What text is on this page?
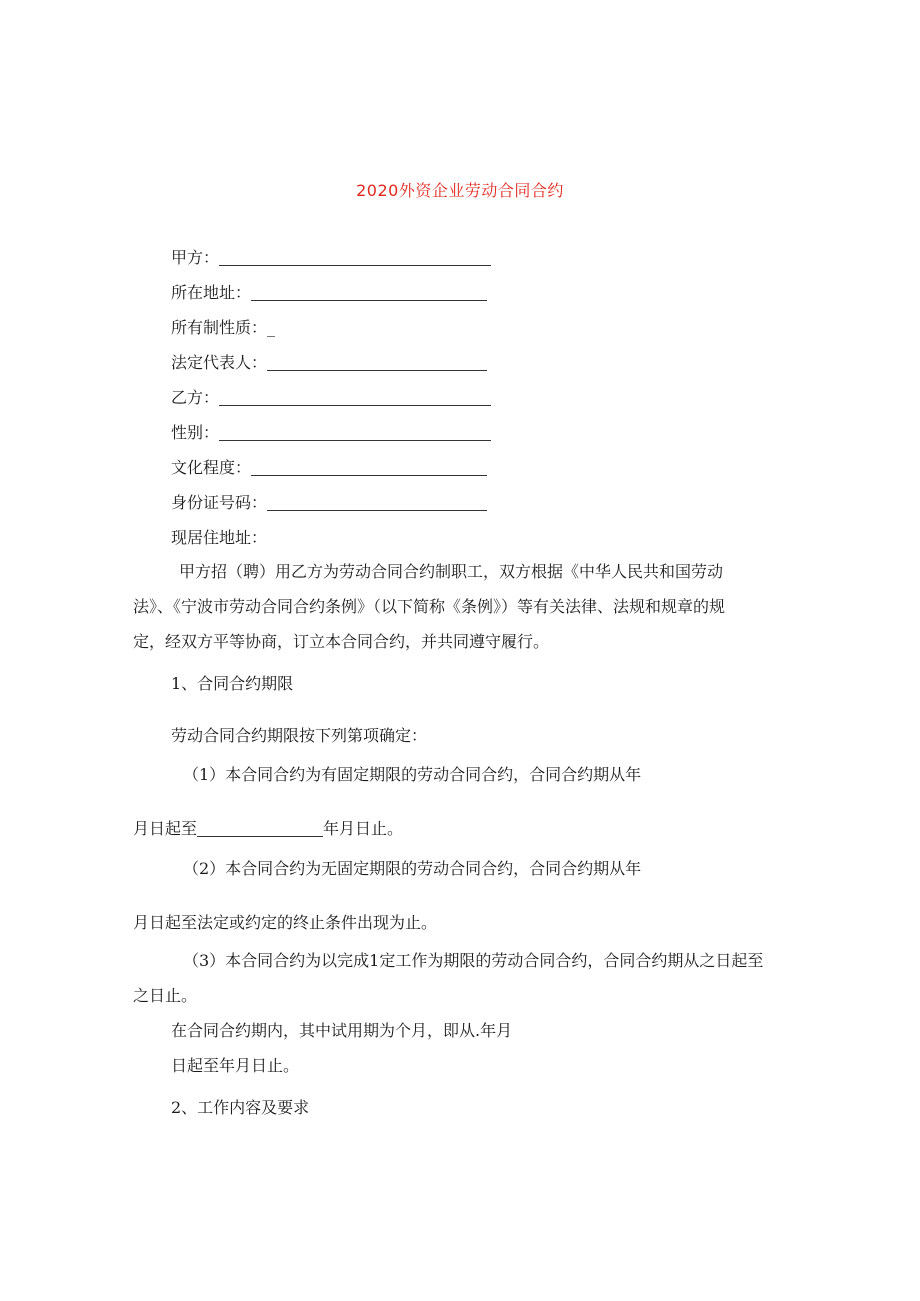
2020外资企业劳动合同合约
甲方：
所在地址：
所有制性质：_
法定代表人：
乙方：
性别：
文化程度：
身份证号码：
现居住地址：
甲方招（聘）用乙方为劳动合同合约制职工，双方根据《中华人民共和国劳动
法》、《宁波市劳动合同合约条例》（以下简称《条例》）等有关法律、法规和规章的规
定，经双方平等协商，订立本合同合约，并共同遵守履行。
1、合同合约期限
劳动合同合约期限按下列第项确定：
（1）本合同合约为有固定期限的劳动合同合约，合同合约期从年
月日起至	年月日止。
（2）本合同合约为无固定期限的劳动合同合约，合同合约期从年
月日起至法定或约定的终止条件出现为止。
（3）本合同合约为以完成1定工作为期限的劳动合同合约，合同合约期从之日起至
之日止。
在合同合约期内，其中试用期为个月，即从.年月
日起至年月日止。
2、工作内容及要求
